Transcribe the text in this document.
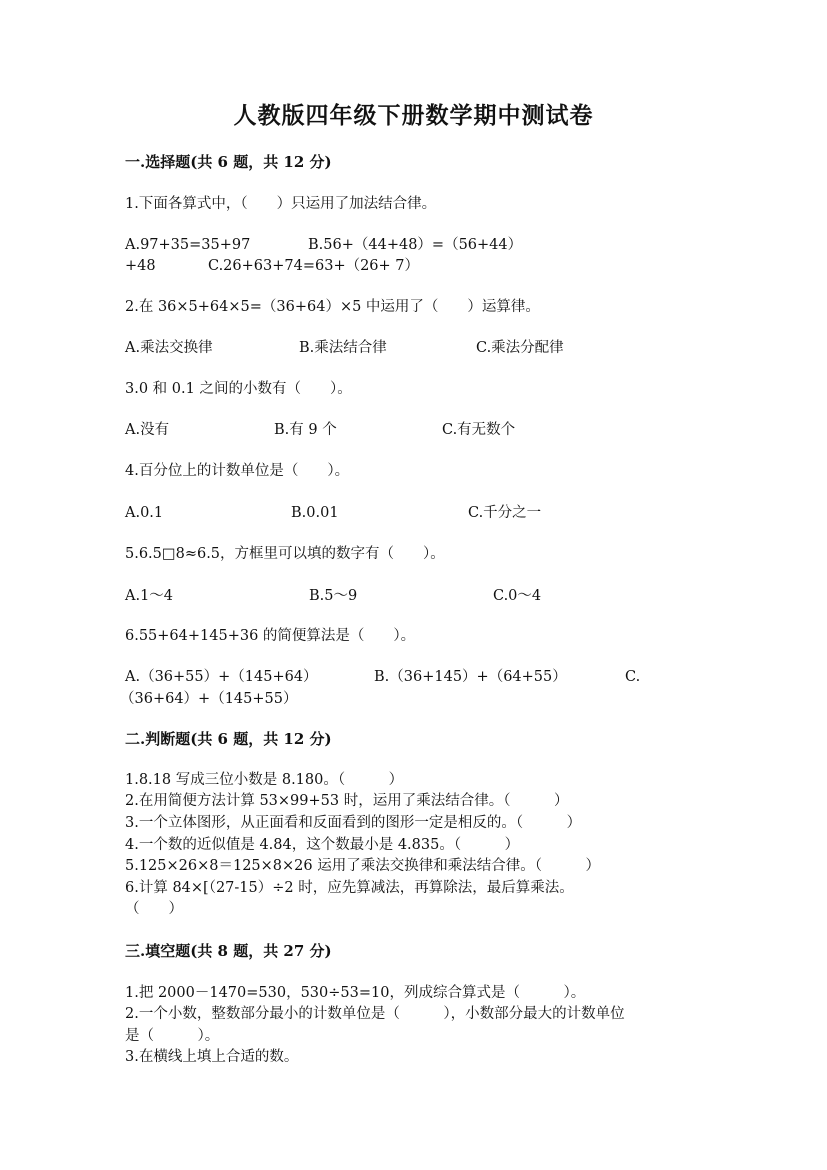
人教版四年级下册数学期中测试卷
一.选择题(共 6 题，共 12 分)
1.下面各算式中，（　　）只运用了加法结合律。
A.97+35=35+97	B.56+（44+48）=（56+44）
+48	C.26+63+74=63+（26+ 7）
2.在 36×5+64×5=（36+64）×5 中运用了（　　）运算律。
A.乘法交换律	B.乘法结合律	C.乘法分配律
3.0 和 0.1 之间的小数有（　　）。
A.没有	B.有 9 个	C.有无数个
4.百分位上的计数单位是（　　）。
A.0.1	B.0.01	C.千分之一
5.6.5□8≈6.5，方框里可以填的数字有（　　）。
A.1～4	B.5～9	C.0～4
6.55+64+145+36 的简便算法是（　　）。
A.（36+55）+（145+64）	B.（36+145）+（64+55）	C.
（36+64）+（145+55）
二.判断题(共 6 题，共 12 分)
1.8.18 写成三位小数是 8.180。（　　　）
2.在用简便方法计算 53×99+53 时，运用了乘法结合律。（　　　）
3.一个立体图形，从正面看和反面看到的图形一定是相反的。（　　　）
4.一个数的近似值是 4.84，这个数最小是 4.835。（　　　）
5.125×26×8＝125×8×26 运用了乘法交换律和乘法结合律。（　　　）
6.计算 84×[（27-15）÷2 时，应先算减法，再算除法，最后算乘法。
（　　）
三.填空题(共 8 题，共 27 分)
1.把 2000－1470=530，530÷53=10，列成综合算式是（　　　）。
2.一个小数，整数部分最小的计数单位是（　　　），小数部分最大的计数单位
是（　　　）。
3.在横线上填上合适的数。
